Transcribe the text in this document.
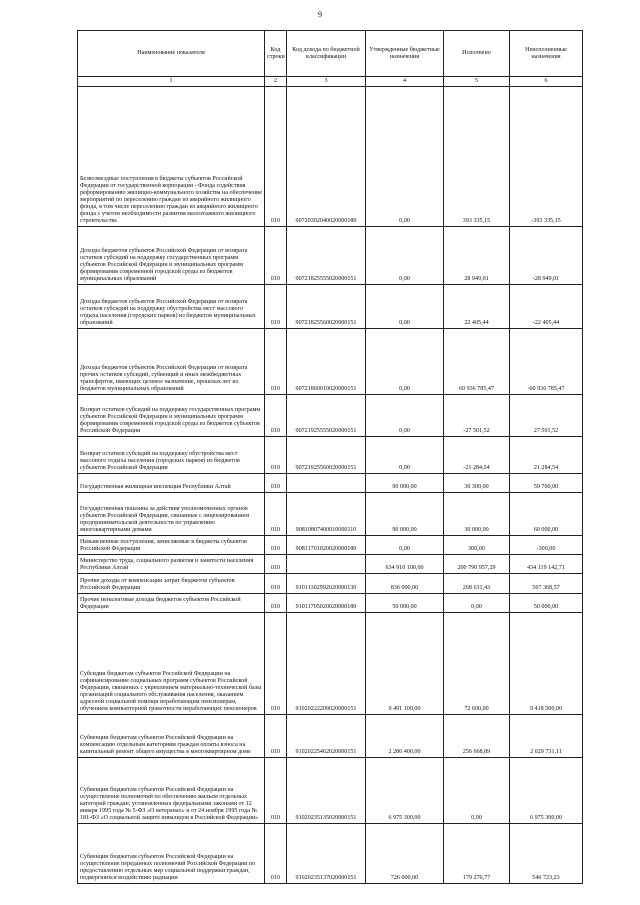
9
Наименование показателя	Код строки	Код дохода по бюджетной классификации	Утвержденные бюджетные назначения	Исполнено	Неисполненные назначения
1	2	3	4	5	6
Безвозмездные поступления в бюджеты субъектов Российской Федерации от государственной корпорации - Фонда содействия реформированию жилищно-коммунального хозяйства на обеспечение мероприятий по переселению граждан из аварийного жилищного фонда, в том числе переселению граждан из аварийного жилищного фонда с учетом необходимости развития малоэтажного жилищного строительства	010	90720302040020000180	0,00	393 335,15	-393 335,15
Доходы бюджетов субъектов Российской Федерации от возврата остатков субсидий на поддержку государственных программ субъектов Российской Федерации и муниципальных программ формирования современной городской среды из бюджетов муниципальных образований	010	90721825555020000151	0,00	28 949,01	-28 949,01
Доходы бюджетов субъектов Российской Федерации от возврата остатков субсидий на поддержку обустройства мест массового отдыха населения (городских парков) из бюджетов муниципальных образований	010	90721825560020000151	0,00	22 405,44	-22 405,44
Доходы бюджетов субъектов Российской Федерации от возврата прочих остатков субсидий, субвенций и иных межбюджетных трансфертов, имеющих целевое назначение, прошлых лет из бюджетов муниципальных образований	010	90721860010020000151	0,00	60 936 785,47	-60 936 785,47
Возврат остатков субсидий на поддержку государственных программ субъектов Российской Федерации и муниципальных программ формирования современной городской среды из бюджетов субъектов Российской Федерации	010	90721925555020000151	0,00	-27 501,52	27 501,52
Возврат остатков субсидий на поддержку обустройства мест массового отдыха населения (городских парков) из бюджетов субъектов Российской Федерации	010	90721925560020000151	0,00	-21 284,54	21 284,54
Государственная жилищная инспекция Республики Алтай	010		90 000,00	30 300,00	59 700,00
Государственная пошлина за действия уполномоченных органов субъектов Российской Федерации, связанные с лицензированием предпринимательской деятельности по управлению многоквартирными домами	010	90810807400010000110	90 000,00	30 000,00	60 000,00
Невыясненные поступления, зачисляемые в бюджеты субъектов Российской Федерации	010	90811701020020000180	0,00	300,00	-300,00
Министерство труда, социального развития и занятости населения Республики Алтай	010		634 910 100,00	200 790 957,29	434 119 142,71
Прочие доходы от компенсации затрат бюджетов субъектов Российской Федерации	010	91011302992020000130	836 000,00	268 631,43	567 368,57
Прочие неналоговые доходы бюджетов субъектов Российской Федерации	010	91011705020020000180	50 000,00	0,00	50 000,00
Субсидии бюджетам субъектов Российской Федерации на софинансирование социальных программ субъектов Российской Федерации, связанных с укреплением материально-технической базы организаций социального обслуживания населения, оказанием адресной социальной помощи неработающим пенсионерам, обучением компьютерной грамотности неработающих пенсионеров	010	91020222209020000151	9 491 100,00	72 600,00	9 418 500,00
Субвенции бюджетам субъектов Российской Федерации на компенсацию отдельным категориям граждан оплаты взноса на капитальный ремонт общего имущества в многоквартирном доме	010	91020225462020000151	2 286 400,00	256 668,89	2 029 731,11
Субвенции бюджетам субъектов Российской Федерации на осуществление полномочий по обеспечению жильем отдельных категорий граждан, установленных федеральными законами от 12 января 1995 года № 5-ФЗ «О ветеранах» и от 24 ноября 1995 года № 181-ФЗ «О социальной защите инвалидов в Российской Федерации»	010	91020235135020000151	6 975 300,00	0,00	6 975 300,00
Субвенции бюджетам субъектов Российской Федерации на осуществление переданных полномочий Российской Федерации по предоставлению отдельных мер социальной поддержки граждан, подвергшихся воздействию радиации	010	91020235137020000151	726 000,00	179 276,77	546 723,23
